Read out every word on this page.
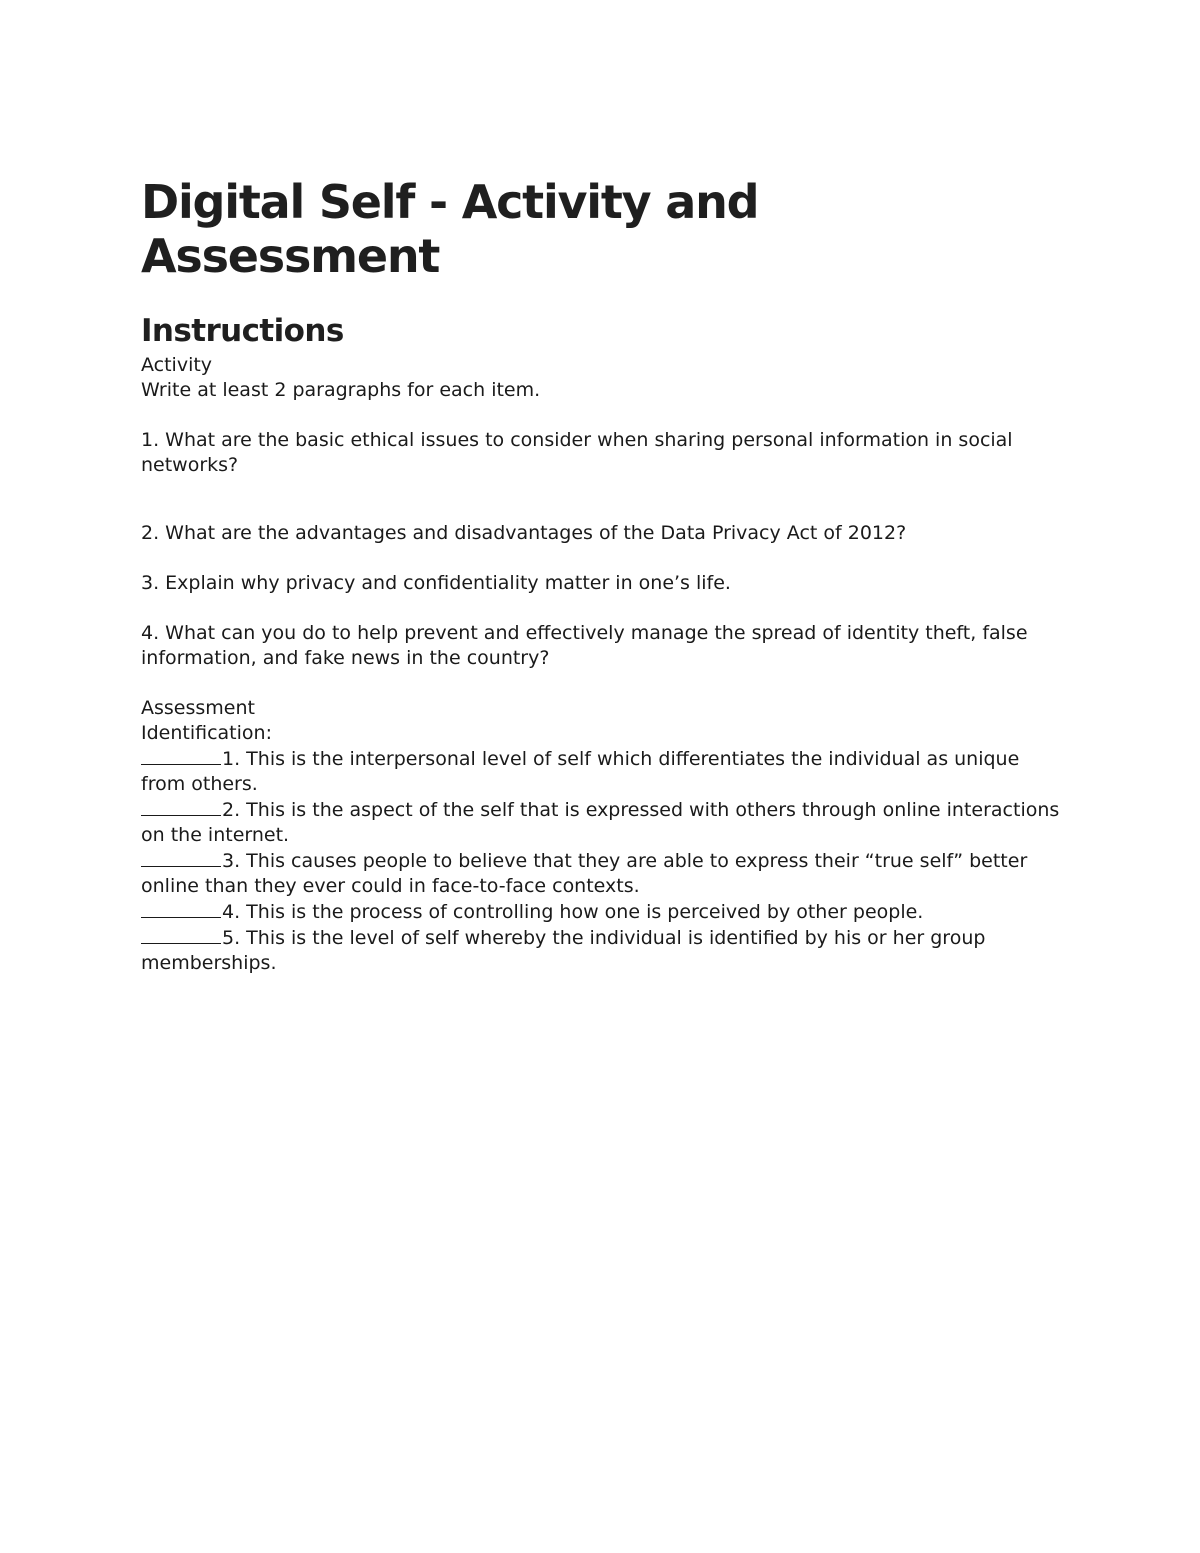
Digital Self - Activity and Assessment
Instructions

Activity

Write at least 2 paragraphs for each item.

1. What are the basic ethical issues to consider when sharing personal information in social networks?

2. What are the advantages and disadvantages of the Data Privacy Act of 2012?

3. Explain why privacy and confidentiality matter in one’s life.

4. What can you do to help prevent and effectively manage the spread of identity theft, false information, and fake news in the country?

Assessment

Identification:

1. This is the interpersonal level of self which differentiates the individual as unique from others.

2. This is the aspect of the self that is expressed with others through online interactions on the internet.

3. This causes people to believe that they are able to express their “true self” better online than they ever could in face-to-face contexts.

4. This is the process of controlling how one is perceived by other people.

5. This is the level of self whereby the individual is identified by his or her group memberships.
